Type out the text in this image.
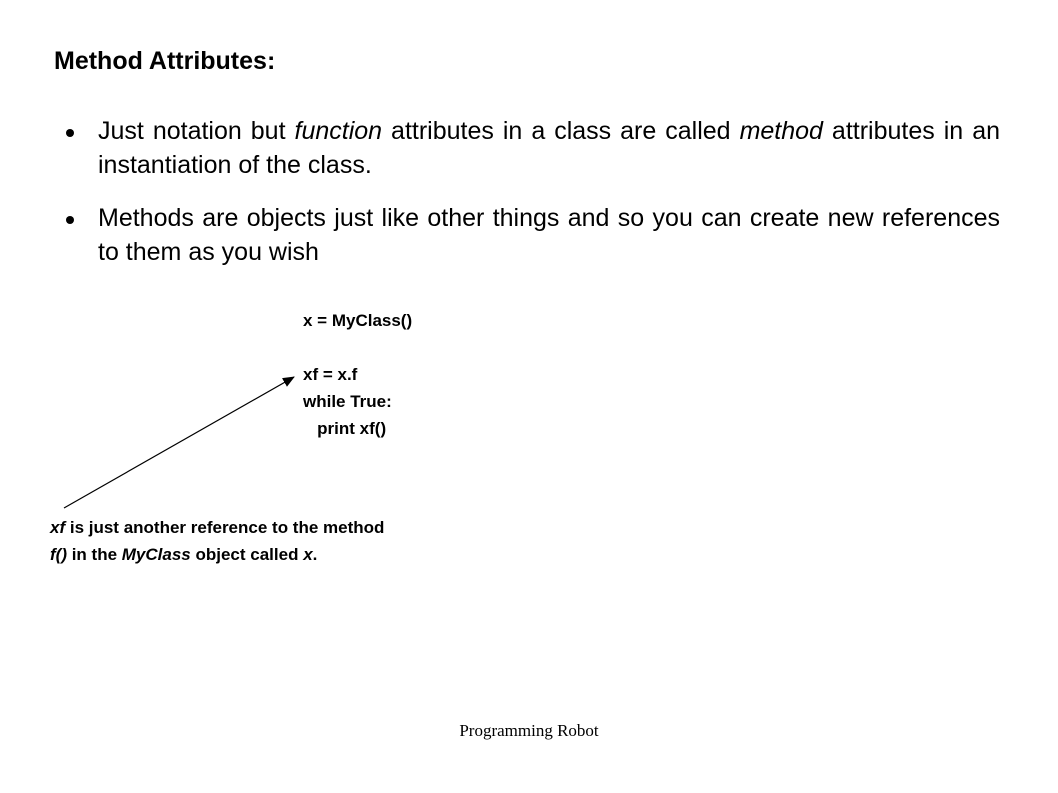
Method Attributes:
Just notation but function attributes in a class are called method attributes in an instantiation of the class.
Methods are objects just like other things and so you can create new references to them as you wish
x = MyClass()
xf = x.f
while True:
print xf()
xf is just another reference to the method f() in the MyClass object called x.
Programming Robot
